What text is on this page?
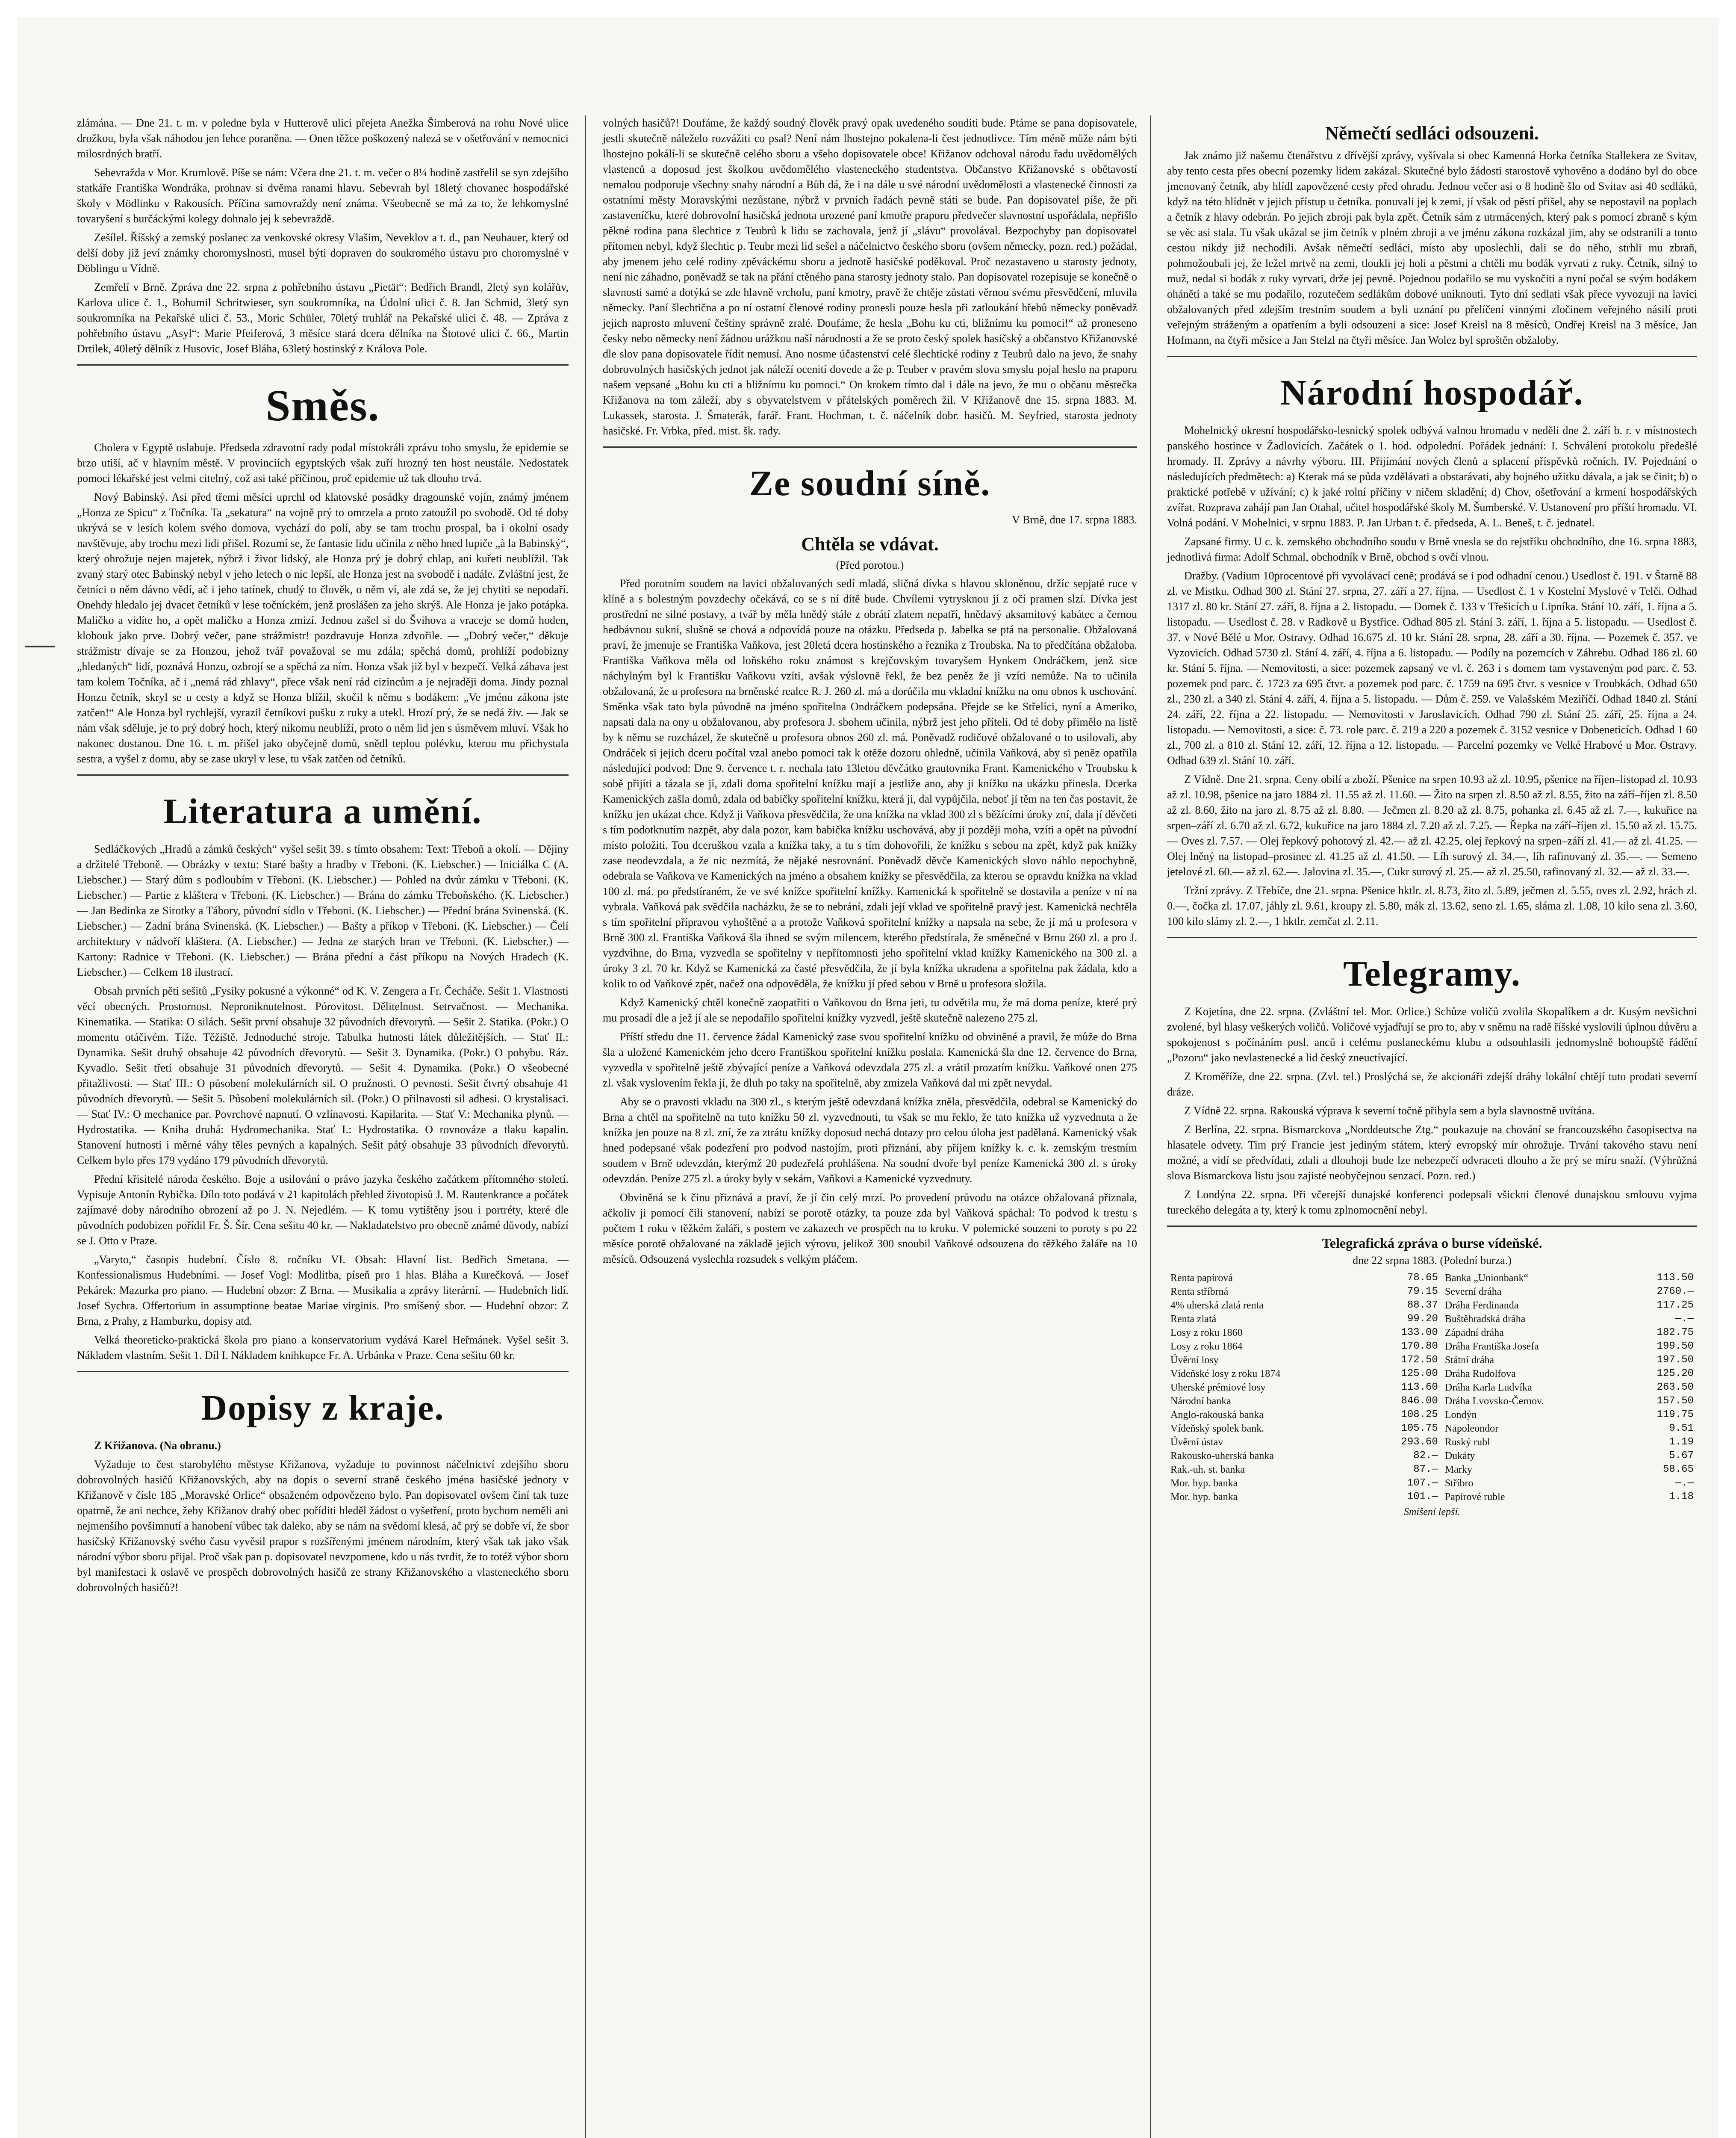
zlámána. — Dne 21. t. m. v poledne byla v Hutterově ulici přejeta Anežka Šimberová na rohu Nové ulice drožkou, byla však náhodou jen lehce poraněna. — Onen těžce poškozený nalezá se v ošetřování v nemocnici milosrdných bratří.

Sebevražda v Mor. Krumlově. Píše se nám: Včera dne 21. t. m. večer o 8¼ hodině zastřelil se syn zdejšího statkáře Františka Wondráka, prohnav si dvěma ranami hlavu. Sebevrah byl 18letý chovanec hospodářské školy v Mödlinku v Rakousích. Příčina samovraždy není známa. Všeobecně se má za to, že lehkomyslné tovaryšení s burčáckými kolegy dohnalo jej k sebevraždě.

Zešílel. Říšský a zemský poslanec za venkovské okresy Vlašim, Neveklov a t. d., pan Neubauer, který od delší doby již jeví známky choromyslnosti, musel býti dopraven do soukromého ústavu pro choromyslné v Döblingu u Vídně.

Zemřelí v Brně. Zpráva dne 22. srpna z pohřebního ústavu „Pietät“: Bedřich Brandl, 2letý syn kolářův, Karlova ulice č. 1., Bohumil Schritwieser, syn soukromníka, na Údolní ulici č. 8. Jan Schmid, 3letý syn soukromníka na Pekařské ulici č. 53., Moric Schüler, 70letý truhlář na Pekařské ulici č. 48. — Zpráva z pohřebního ústavu „Asyl“: Marie Pfeiferová, 3 měsíce stará dcera dělníka na Štotové ulici č. 66., Martin Drtilek, 40letý dělník z Husovic, Josef Bláha, 63letý hostinský z Králova Pole.

Směs.

Cholera v Egyptě oslabuje. Předseda zdravotní rady podal místokráli zprávu toho smyslu, že epidemie se brzo utiší, ač v hlavním městě. V provinciích egyptských však zuří hrozný ten host neustále. Nedostatek pomoci lékařské jest velmi citelný, což asi také příčinou, proč epidemie už tak dlouho trvá.

Nový Babinský. Asi před třemi měsíci uprchl od klatovské posádky dragounské vojín, známý jménem „Honza ze Spicu“ z Točníka. Ta „sekatura“ na vojně prý to omrzela a proto zatoužil po svobodě. Od té doby ukrývá se v lesích kolem svého domova, vychází do polí, aby se tam trochu prospal, ba i okolní osady navštěvuje, aby trochu mezi lidi přišel. Rozumí se, že fantasie lidu učinila z něho hned lupiče „à la Babinský“, který ohrožuje nejen majetek, nýbrž i život lidský, ale Honza prý je dobrý chlap, ani kuřeti neublížil. Tak zvaný starý otec Babinský nebyl v jeho letech o nic lepší, ale Honza jest na svobodě i nadále. Zvláštní jest, že četníci o něm dávno vědí, ač i jeho tatínek, chudý to člověk, o něm ví, ale zdá se, že jej chytiti se nepodaří. Onehdy hledalo jej dvacet četníků v lese točníckém, jenž proslášen za jeho skrýš. Ale Honza je jako potápka. Maličko a vidíte ho, a opět maličko a Honza zmizí. Jednou zašel si do Švihova a vraceje se domů hoden, klobouk jako prve. Dobrý večer, pane strážmistr! pozdravuje Honza zdvořile. — „Dobrý večer,“ děkuje strážmistr dívaje se za Honzou, jehož tvář považoval se mu zdála; spěchá domů, prohlíží podobizny „hledaných“ lidí, poznává Honzu, ozbrojí se a spěchá za ním. Honza však již byl v bezpečí. Velká zábava jest tam kolem Točníka, ač i „nemá rád zhlavy“, přece však není rád cizincům a je nejraději doma. Jindy poznal Honzu četník, skryl se u cesty a když se Honza blížil, skočil k němu s bodákem: „Ve jménu zákona jste zatčen!“ Ale Honza byl rychlejší, vyrazil četníkovi pušku z ruky a utekl. Hrozí prý, že se nedá živ. — Jak se nám však sděluje, je to prý dobrý hoch, který nikomu neublíží, proto o něm lid jen s úsměvem mluví. Však ho nakonec dostanou. Dne 16. t. m. přišel jako obyčejně domů, snědl teplou polévku, kterou mu přichystala sestra, a vyšel z domu, aby se zase ukryl v lese, tu však zatčen od četníků.

Literatura a umění.

Sedláčkových „Hradů a zámků českých“ vyšel sešit 39. s tímto obsahem: Text: Třeboň a okolí. — Dějiny a držitelé Třeboně. — Obrázky v textu: Staré bašty a hradby v Třeboni. (K. Liebscher.) — Iniciálka C (A. Liebscher.) — Starý dům s podloubím v Třeboni. (K. Liebscher.) — Pohled na dvůr zámku v Třeboni. (K. Liebscher.) — Partie z kláštera v Třeboni. (K. Liebscher.) — Brána do zámku Třeboňského. (K. Liebscher.) — Jan Bedinka ze Sirotky a Tábory, původní sídlo v Třeboni. (K. Liebscher.) — Přední brána Svinenská. (K. Liebscher.) — Zadní brána Svinenská. (K. Liebscher.) — Bašty a příkop v Třeboni. (K. Liebscher.) — Čelí architektury v nádvoří kláštera. (A. Liebscher.) — Jedna ze starých bran ve Třeboni. (K. Liebscher.) — Kartony: Radnice v Třeboni. (K. Liebscher.) — Brána přední a část příkopu na Nových Hradech (K. Liebscher.) — Celkem 18 ilustrací.

Obsah prvních pěti sešitů „Fysiky pokusné a výkonné“ od K. V. Zengera a Fr. Čecháče. Sešit 1. Vlastnosti věcí obecných. Prostornost. Neproniknutelnost. Pórovitost. Dělitelnost. Setrvačnost. — Mechanika. Kinematika. — Statika: O silách. Sešit první obsahuje 32 původních dřevorytů. — Sešit 2. Statika. (Pokr.) O momentu otáčivém. Tíže. Těžiště. Jednoduché stroje. Tabulka hutnosti látek důležitějších. — Stať II.: Dynamika. Sešit druhý obsahuje 42 původních dřevorytů. — Sešit 3. Dynamika. (Pokr.) O pohybu. Ráz. Kyvadlo. Sešit třetí obsahuje 31 původních dřevorytů. — Sešit 4. Dynamika. (Pokr.) O všeobecné přitažlivosti. — Stať III.: O působení molekulárních sil. O pružnosti. O pevnosti. Sešit čtvrtý obsahuje 41 původních dřevorytů. — Sešit 5. Působení molekulárních sil. (Pokr.) O přilnavosti sil adhesi. O krystalisaci. — Stať IV.: O mechanice par. Povrchové napnutí. O vzlínavosti. Kapilarita. — Stať V.: Mechanika plynů. — Hydrostatika. — Kniha druhá: Hydromechanika. Stať I.: Hydrostatika. O rovnováze a tlaku kapalin. Stanovení hutnosti i měrné váhy těles pevných a kapalných. Sešit pátý obsahuje 33 původních dřevorytů. Celkem bylo přes 179 vydáno 179 původních dřevorytů.

Přední křisitelé národa českého. Boje a usilování o právo jazyka českého začátkem přítomného století. Vypisuje Antonín Rybička. Dílo toto podává v 21 kapitolách přehled životopisů J. M. Rautenkrance a počátek zajímavé doby národního obrození až po J. N. Nejedlém. — K tomu vytištěny jsou i portréty, které dle původních podobizen pořídil Fr. Š. Šír. Cena sešitu 40 kr. — Nakladatelstvo pro obecně známé důvody, nabízí se J. Otto v Praze.

„Varyto,“ časopis hudební. Číslo 8. ročníku VI. Obsah: Hlavní list. Bedřich Smetana. — Konfessionalismus Hudebními. — Josef Vogl: Modlitba, píseň pro 1 hlas. Bláha a Kurečková. — Josef Pekárek: Mazurka pro piano. — Hudební obzor: Z Brna. — Musikalia a zprávy literární. — Hudebních lidí. Josef Sychra. Offertorium in assumptione beatae Mariae virginis. Pro smíšený sbor. — Hudební obzor: Z Brna, z Prahy, z Hamburku, dopisy atd.

Velká theoreticko-praktická škola pro piano a konservatorium vydává Karel Heřmánek. Vyšel sešit 3. Nákladem vlastním. Sešit 1. Díl I. Nákladem knihkupce Fr. A. Urbánka v Praze. Cena sešitu 60 kr.

Dopisy z kraje.

Z Křižanova. (Na obranu.)

Vyžaduje to čest starobylého městyse Křižanova, vyžaduje to povinnost náčelnictví zdejšího sboru dobrovolných hasičů Křižanovských, aby na dopis o severní straně českého jména hasičské jednoty v Křižanově v čísle 185 „Moravské Orlice“ obsaženém odpovězeno bylo. Pan dopisovatel ovšem činí tak tuze opatrně, že ani nechce, žeby Křižanov drahý obec poříditi hleděl žádost o vyšetření, proto bychom neměli ani nejmenšího povšimnutí a hanobení vůbec tak daleko, aby se nám na svědomí klesá, ač prý se dobře ví, že sbor hasičský Křižanovský svého času vyvěsil prapor s rozšířenými jménem národním, který však tak jako však národní výbor sboru přijal. Proč však pan p. dopisovatel nevzpomene, kdo u nás tvrdit, že to totéž výbor sboru byl manifestaci k oslavě ve prospěch dobrovolných hasičů ze strany Křižanovského a vlasteneckého sboru dobrovolných hasičů?!

volných hasičů?! Doufáme, že každý soudný člověk pravý opak uvedeného souditi bude. Ptáme se pana dopisovatele, jestli skutečně náleželo rozvážiti co psal? Není nám lhostejno pokalena-li čest jednotlivce. Tím méně může nám býti lhostejno pokálí-li se skutečně celého sboru a všeho dopisovatele obce! Křižanov odchoval národu řadu uvědomělých vlastenců a doposud jest školkou uvědomělého vlasteneckého studentstva. Občanstvo Křižanovské s obětavostí nemalou podporuje všechny snahy národní a Bůh dá, že i na dále u své národní uvědomělosti a vlastenecké činnosti za ostatními městy Moravskými nezůstane, nýbrž v prvních řadách pevně státi se bude. Pan dopisovatel píše, že při zastaveníčku, které dobrovolní hasičská jednota urozené paní kmotře praporu předvečer slavnostní uspořádala, nepřišlo pěkné rodina pana šlechtice z Teubrů k lidu se zachovala, jenž jí „slávu“ provolával. Bezpochyby pan dopisovatel přítomen nebyl, když šlechtic p. Teubr mezi lid sešel a náčelnictvo českého sboru (ovšem německy, pozn. red.) požádal, aby jmenem jeho celé rodiny zpěváckému sboru a jednotě hasičské poděkoval. Proč nezastaveno u starosty jednoty, není nic záhadno, poněvadž se tak na přání ctěného pana starosty jednoty stalo. Pan dopisovatel rozepisuje se konečně o slavnosti samé a dotýká se zde hlavně vrcholu, paní kmotry, pravě že chtěje zůstati věrnou svému přesvědčení, mluvila německy. Paní šlechtična a po ní ostatní členové rodiny pronesli pouze hesla při zatloukání hřebů německy poněvadž jejich naprosto mluvení češtiny správně zralé. Doufáme, že hesla „Bohu ku cti, bližnímu ku pomoci!“ až proneseno česky nebo německy není žádnou urážkou naší národnosti a že se proto český spolek hasičský a občanstvo Křižanovské dle slov pana dopisovatele řídit nemusí. Ano nosme účastenství celé šlechtické rodiny z Teubrů dalo na jevo, že snahy dobrovolných hasičských jednot jak náleží ocenití dovede a že p. Teuber v pravém slova smyslu pojal heslo na praporu našem vepsané „Bohu ku cti a bližnímu ku pomoci.“ On krokem tímto dal i dále na jevo, že mu o občanu městečka Křižanova na tom záleží, aby s obyvatelstvem v přátelských poměrech žil. V Křižanově dne 15. srpna 1883. M. Lukassek, starosta. J. Šmaterák, farář. Frant. Hochman, t. č. náčelník dobr. hasičů. M. Seyfried, starosta jednoty hasičské. Fr. Vrbka, před. mist. šk. rady.

Ze soudní síně.
V Brně, dne 17. srpna 1883.
Chtěla se vdávat.
(Před porotou.)

Před porotním soudem na lavici obžalovaných sedí mladá, sličná dívka s hlavou skloněnou, držíc sepjaté ruce v klíně a s bolestným povzdechy očekává, co se s ní dítě bude. Chvílemi vytrysknou jí z očí pramen slzí. Dívka jest prostřední ne silné postavy, a tvář by měla hnědý stále z obrátí zlatem nepatří, hnědavý aksamitový kabátec a černou hedbávnou sukní, slušně se chová a odpovídá pouze na otázku. Předseda p. Jabelka se ptá na personalie. Obžalovaná praví, že jmenuje se Františka Vaňkova, jest 20letá dcera hostinského a řezníka z Troubska. Na to předčítána obžaloba. Františka Vaňkova měla od loňského roku známost s krejčovským tovaryšem Hynkem Ondráčkem, jenž sice náchylným byl k Františku Vaňkovu vzíti, avšak výslovně řekl, že bez peněz že ji vzíti nemůže. Na to učinila obžalovaná, že u profesora na brněnské realce R. J. 260 zl. má a dorůčila mu vkladní knížku na onu obnos k uschování. Směnka však tato byla původně na jméno spořitelna Ondráčkem podepsána. Přejde se ke Střelíci, nyní a Ameriko, napsati dala na ony u obžalovanou, aby profesora J. sbohem učinila, nýbrž jest jeho příteli. Od té doby přimělo na listě by k němu se rozcházel, že skutečně u profesora obnos 260 zl. má. Poněvadž rodičové obžalované o to usilovali, aby Ondráček si jejich dceru počítal vzal anebo pomoci tak k otěže dozoru ohledně, učinila Vaňková, aby si peněz opatřila následující podvod: Dne 9. července t. r. nechala tato 13letou děvčátko grautovnika Frant. Kamenického v Troubsku k sobě přijíti a tázala se jí, zdali doma spořitelní knížku mají a jestliže ano, aby ji knížku na ukázku přinesla. Dcerka Kamenických zašla domů, zdala od babičky spořitelní knížku, která ji, dal vypůjčila, neboť jí těm na ten čas postavit, že knížku jen ukázat chce. Když ji Vaňkova přesvědčila, že ona knížka na vklad 300 zl s běžícími úroky zní, dala jí děvčeti s tím podotknutím nazpět, aby dala pozor, kam babička knížku uschovává, aby ji později moha, vzíti a opět na původní místo položiti. Tou dceruškou vzala a knížka taky, a tu s tím dohovořili, že knížku s sebou na zpět, když pak knížky zase neodevzdala, a že nic nezmítá, že nějaké nesrovnání. Poněvadž děvče Kamenických slovo náhlo nepochybně, odebrala se Vaňkova ve Kamenických na jméno a obsahem knížky se přesvědčila, za kterou se opravdu knížka na vklad 100 zl. má. po předstíraném, že ve své knížce spořitelní knížky. Kamenická k spořitelně se dostavila a peníze v ní na vybrala. Vaňková pak svědčila nacházku, že se to nebrání, zdali její vklad ve spořitelně pravý jest. Kamenická nechtěla s tím spořitelní přípravou vyhoštěné a a protože Vaňková spořitelní knížky a napsala na sebe, že jí má u profesora v Brně 300 zl. Františka Vaňková šla ihned se svým milencem, kterého předstírala, že směnečné v Brnu 260 zl. a pro J. vyzdvihne, do Brna, vyzvedla se spořitelny v nepřítomnosti jeho spořitelní vklad knížky Kamenického na 300 zl. a úroky 3 zl. 70 kr. Když se Kamenická za časté přesvědčila, že jí byla knížka ukradena a spořitelna pak žádala, kdo a kolik to od Vaňkové zpět, načež ona odpověděla, že knížku jí před sebou v Brně u profesora složila.

Když Kamenický chtěl konečně zaopatřiti o Vaňkovou do Brna jeti, tu odvětila mu, že má doma peníze, které prý mu prosadí dle a jež jí ale se nepodařilo spořitelní knížky vyzvedl, ještě skutečně nalezeno 275 zl.

Příští středu dne 11. července žádal Kamenický zase svou spořitelní knížku od obviněné a pravil, že může do Brna šla a uložené Kamenickém jeho dcero Františkou spořitelní knížku poslala. Kamenická šla dne 12. července do Brna, vyzvedla v spořitelně ještě zbývající peníze a Vaňková odevzdala 275 zl. a vrátil prozatím knížku. Vaňkové onen 275 zl. však vyslovením řekla jí, že dluh po taky na spořitelně, aby zmizela Vaňková dal mi zpět nevydal.

Aby se o pravosti vkladu na 300 zl., s kterým ještě odevzdaná knížka zněla, přesvědčila, odebral se Kamenický do Brna a chtěl na spořitelně na tuto knížku 50 zl. vyzvednouti, tu však se mu řeklo, že tato knížka už vyzvednuta a že knížka jen pouze na 8 zl. zní, že za ztrátu knížky doposud nechá dotazy pro celou úloha jest padělaná. Kamenický však hned podepsané však podezření pro podvod nastojím, proti přiznání, aby příjem knížky k. c. k. zemským trestním soudem v Brně odevzdán, kterýmž 20 podezřelá prohlášena. Na soudní dvoře byl peníze Kamenická 300 zl. s úroky odevzdán. Peníze 275 zl. a úroky byly v sekám, Vaňkovi a Kamenické vyzvednuty.

Obviněná se k činu přiznává a praví, že jí čin celý mrzí. Po provedení průvodu na otázce obžalovaná přiznala, ačkoliv ji pomocí čili stanovení, nabízí se porotě otázky, ta pouze zda byl Vaňková spáchal: To podvod k trestu s počtem 1 roku v těžkém žaláři, s postem ve zakazech ve prospěch na to kroku. V polemické souzeni to poroty s po 22 měsíce porotě obžalované na základě jejich výrovu, jelikož 300 snoubil Vaňkové odsouzena do těžkého žaláře na 10 měsíců. Odsouzená vyslechla rozsudek s velkým pláčem.

Němečtí sedláci odsouzeni.

Jak známo již našemu čtenářstvu z dřívější zprávy, vyšívala si obec Kamenná Horka četníka Stallekera ze Svitav, aby tento cesta přes obecní pozemky lidem zakázal. Skutečné bylo žádosti starostově vyhověno a dodáno byl do obce jmenovaný četník, aby hlídl zapovězené cesty před ohradu. Jednou večer asi o 8 hodině šlo od Svitav asi 40 sedláků, když na této hlídnět v jejich přístup u četníka. ponuvali jej k zemi, jí však od pěstí přišel, aby se nepostavil na poplach a četník z hlavy odebrán. Po jejich zbroji pak byla zpět. Četník sám z utrmácených, který pak s pomocí zbraně s kým se věc asi stala. Tu však ukázal se jim četník v plném zbroji a ve jménu zákona rozkázal jim, aby se odstranili a tonto cestou nikdy již nechodili. Avšak němečtí sedláci, místo aby uposlechli, dali se do něho, strhli mu zbraň, pohmožoubali jej, že ležel mrtvě na zemi, tloukli jej holi a pěstmi a chtěli mu bodák vyrvati z ruky. Četník, silný to muž, nedal si bodák z ruky vyrvati, drže jej pevně. Pojednou podařilo se mu vyskočiti a nyní počal se svým bodákem oháněti a také se mu podařilo, rozutečem sedlákům dobové uniknouti. Tyto dní sedlati však přece vyvozuji na lavici obžalovaných před zdejším trestním soudem a byli uznání po přelíčení vinnými zločinem veřejného násilí proti veřejným stráženým a opatřením a byli odsouzeni a sice: Josef Kreisl na 8 měsíců, Ondřej Kreisl na 3 měsíce, Jan Hofmann, na čtyři měsíce a Jan Stelzl na čtyři měsíce. Jan Wolez byl sproštěn obžaloby.

Národní hospodář.

Mohelnický okresní hospodářsko-lesnický spolek odbývá valnou hromadu v neděli dne 2. září b. r. v místnostech panského hostince v Žadlovicích. Začátek o 1. hod. odpolední. Pořádek jednání: I. Schválení protokolu předešlé hromady. II. Zprávy a návrhy výboru. III. Přijímání nových členů a splacení příspěvků ročních. IV. Pojednání o následujících předmětech: a) Kterak má se půda vzdělávati a obstarávati, aby bojného užitku dávala, a jak se činit; b) o praktické potřebě v užívání; c) k jaké rolní příčiny v ničem skladění; d) Chov, ošetřování a krmení hospodářských zvířat. Rozprava zahájí pan Jan Otahal, učitel hospodářské školy M. Šumberské. V. Ustanovení pro příští hromadu. VI. Volná podání. V Mohelnici, v srpnu 1883. P. Jan Urban t. č. předseda, A. L. Beneš, t. č. jednatel.

Zapsané firmy. U c. k. zemského obchodního soudu v Brně vnesla se do rejstříku obchodního, dne 16. srpna 1883, jednotlivá firma: Adolf Schmal, obchodník v Brně, obchod s ovčí vlnou.

Dražby. (Vadium 10procentové při vyvolávací ceně; prodává se i pod odhadní cenou.) Usedlost č. 191. v Štarně 88 zl. ve Mistku. Odhad 300 zl. Stání 27. srpna, 27. září a 27. října. — Usedlost č. 1 v Kostelní Myslové v Telči. Odhad 1317 zl. 80 kr. Stání 27. září, 8. října a 2. listopadu. — Domek č. 133 v Třešicích u Lipníka. Stání 10. září, 1. října a 5. listopadu. — Usedlost č. 28. v Radkově u Bystřice. Odhad 805 zl. Stání 3. září, 1. října a 5. listopadu. — Usedlost č. 37. v Nové Bělé u Mor. Ostravy. Odhad 16.675 zl. 10 kr. Stání 28. srpna, 28. září a 30. října. — Pozemek č. 357. ve Vyzovicích. Odhad 5730 zl. Stání 4. září, 4. října a 6. listopadu. — Podíly na pozemcích v Záhrebu. Odhad 186 zl. 60 kr. Stání 5. října. — Nemovitosti, a sice: pozemek zapsaný ve vl. č. 263 i s domem tam vystaveným pod parc. č. 53. pozemek pod parc. č. 1723 za 695 čtvr. a pozemek pod parc. č. 1759 na 695 čtvr. s vesnice v Troubkách. Odhad 650 zl., 230 zl. a 340 zl. Stání 4. září, 4. října a 5. listopadu. — Dům č. 259. ve Valašském Meziříčí. Odhad 1840 zl. Stání 24. září, 22. října a 22. listopadu. — Nemovitosti v Jaroslavicích. Odhad 790 zl. Stání 25. září, 25. října a 24. listopadu. — Nemovitosti, a sice: č. 73. role parc. č. 219 a 220 a pozemek č. 3152 vesnice v Dobeneticích. Odhad 1 60 zl., 700 zl. a 810 zl. Stání 12. září, 12. října a 12. listopadu. — Parcelní pozemky ve Velké Hrabové u Mor. Ostravy. Odhad 639 zl. Stání 10. září.

Z Vídně. Dne 21. srpna. Ceny obilí a zboží. Pšenice na srpen 10.93 až zl. 10.95, pšenice na říjen–listopad zl. 10.93 až zl. 10.98, pšenice na jaro 1884 zl. 11.55 až zl. 11.60. — Žito na srpen zl. 8.50 až zl. 8.55, žito na září–říjen zl. 8.50 až zl. 8.60, žito na jaro zl. 8.75 až zl. 8.80. — Ječmen zl. 8.20 až zl. 8.75, pohanka zl. 6.45 až zl. 7.—, kukuřice na srpen–září zl. 6.70 až zl. 6.72, kukuřice na jaro 1884 zl. 7.20 až zl. 7.25. — Řepka na září–říjen zl. 15.50 až zl. 15.75. — Oves zl. 7.57. — Olej řepkový pohotový zl. 42.— až zl. 42.25, olej řepkový na srpen–září zl. 41.— až zl. 41.25. — Olej lněný na listopad–prosinec zl. 41.25 až zl. 41.50. — Líh surový zl. 34.—, líh rafinovaný zl. 35.—. — Semeno jetelové zl. 60.— až zl. 62.—. Jalovina zl. 35.—, Cukr surový zl. 25.— až zl. 25.50, rafinovaný zl. 32.— až zl. 33.—.

Tržní zprávy. Z Třebíče, dne 21. srpna. Pšenice hktlr. zl. 8.73, žito zl. 5.89, ječmen zl. 5.55, oves zl. 2.92, hrách zl. 0.—, čočka zl. 17.07, jáhly zl. 9.61, kroupy zl. 5.80, mák zl. 13.62, seno zl. 1.65, sláma zl. 1.08, 10 kilo sena zl. 3.60, 100 kilo slámy zl. 2.—, 1 hktlr. zemčat zl. 2.11.

Telegramy.

Z Kojetína, dne 22. srpna. (Zvláštní tel. Mor. Orlice.) Schůze voličů zvolila Skopalíkem a dr. Kusým nevšichni zvolené, byl hlasy veškerých voličů. Voličové vyjadřují se pro to, aby v sněmu na radě říšské vyslovili úplnou důvěru a spokojenost s počínáním posl. anců i celému poslaneckému klubu a odsouhlasili jednomyslně bohoupště řádění „Pozoru“ jako nevlastenecké a lid český zneuctívající.

Z Kroměříže, dne 22. srpna. (Zvl. tel.) Proslýchá se, že akcionáři zdejší dráhy lokální chtějí tuto prodati severní dráze.

Z Vídně 22. srpna. Rakouská výprava k severní točně přibyla sem a byla slavnostně uvítána.

Z Berlína, 22. srpna. Bismarckova „Norddeutsche Ztg.“ poukazuje na chování se francouzského časopisectva na hlasatele odvety. Tim prý Francie jest jediným státem, který evropský mír ohrožuje. Trvání takového stavu není možné, a vidí se předvídati, zdali a dlouhoji bude lze nebezpečí odvraceti dlouho a že prý se míru snaží. (Výhrůžná slova Bismarckova listu jsou zajisté neobyčejnou senzací. Pozn. red.)

Z Londýna 22. srpna. Při včerejší dunajské konferenci podepsali všickni členové dunajskou smlouvu vyjma tureckého delegáta a ty, který k tomu zplnomocnění nebyl.

Telegrafická zpráva o burse vídeňské.
dne 22 srpna 1883. (Polední burza.)
Renta papírová	78.65	Banka „Unionbank“	113.50
Renta stříbrná	79.15	Severní dráha	2760.—
4% uherská zlatá renta	88.37	Dráha Ferdinanda	117.25
Renta zlatá	99.20	Buštěhradská dráha	—.—
Losy z roku 1860	133.00	Západní dráha	182.75
Losy z roku 1864	170.80	Dráha Františka Josefa	199.50
Úvěrní losy	172.50	Státní dráha	197.50
Vídeňské losy z roku 1874	125.00	Dráha Rudolfova	125.20
Uherské prémiové losy	113.60	Dráha Karla Ludvíka	263.50
Národní banka	846.00	Dráha Lvovsko-Černov.	157.50
Anglo-rakouská banka	108.25	Londýn	119.75
Vídeňský spolek bank.	105.75	Napoleondor	9.51
Úvěrní ústav	293.60	Ruský rubl	1.19
Rakousko-uherská banka	82.—	Dukáty	5.67
Rak.-uh. st. banka	87.—	Marky	58.65
Mor. hyp. banka	107.—	Stříbro	—.—
Mor. hyp. banka	101.—	Papírové ruble	1.18
Smíšení lepší.
